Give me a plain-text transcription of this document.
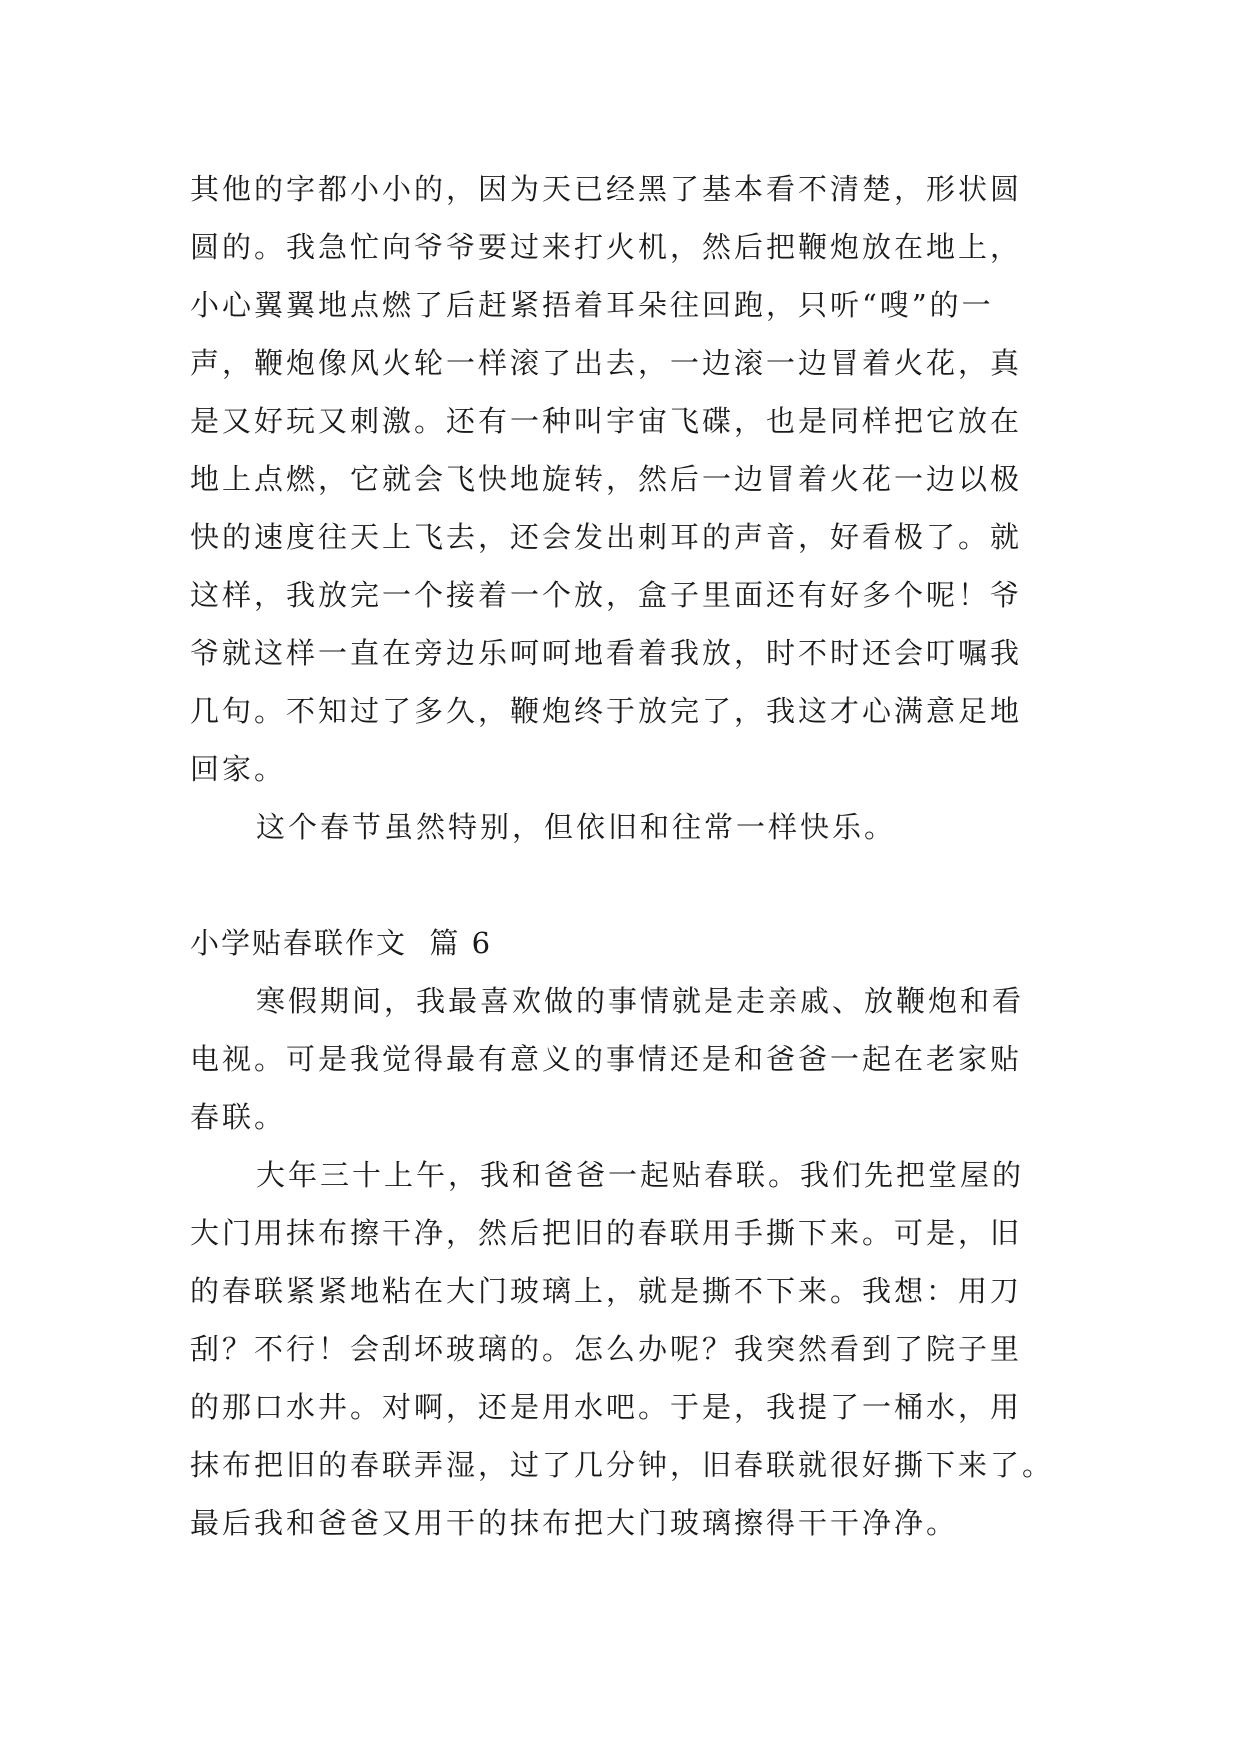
其他的字都小小的，因为天已经黑了基本看不清楚，形状圆
圆的。我急忙向爷爷要过来打火机，然后把鞭炮放在地上，
小心翼翼地点燃了后赶紧捂着耳朵往回跑，只听“嗖”的一
声，鞭炮像风火轮一样滚了出去，一边滚一边冒着火花，真
是又好玩又刺激。还有一种叫宇宙飞碟，也是同样把它放在
地上点燃，它就会飞快地旋转，然后一边冒着火花一边以极
快的速度往天上飞去，还会发出刺耳的声音，好看极了。就
这样，我放完一个接着一个放，盒子里面还有好多个呢！爷
爷就这样一直在旁边乐呵呵地看着我放，时不时还会叮嘱我
几句。不知过了多久，鞭炮终于放完了，我这才心满意足地
回家。
这个春节虽然特别，但依旧和往常一样快乐。
小学贴春联作文  篇 6
寒假期间，我最喜欢做的事情就是走亲戚、放鞭炮和看
电视。可是我觉得最有意义的事情还是和爸爸一起在老家贴
春联。
大年三十上午，我和爸爸一起贴春联。我们先把堂屋的
大门用抹布擦干净，然后把旧的春联用手撕下来。可是，旧
的春联紧紧地粘在大门玻璃上，就是撕不下来。我想：用刀
刮？不行！会刮坏玻璃的。怎么办呢？我突然看到了院子里
的那口水井。对啊，还是用水吧。于是，我提了一桶水，用
抹布把旧的春联弄湿，过了几分钟，旧春联就很好撕下来了。
最后我和爸爸又用干的抹布把大门玻璃擦得干干净净。
